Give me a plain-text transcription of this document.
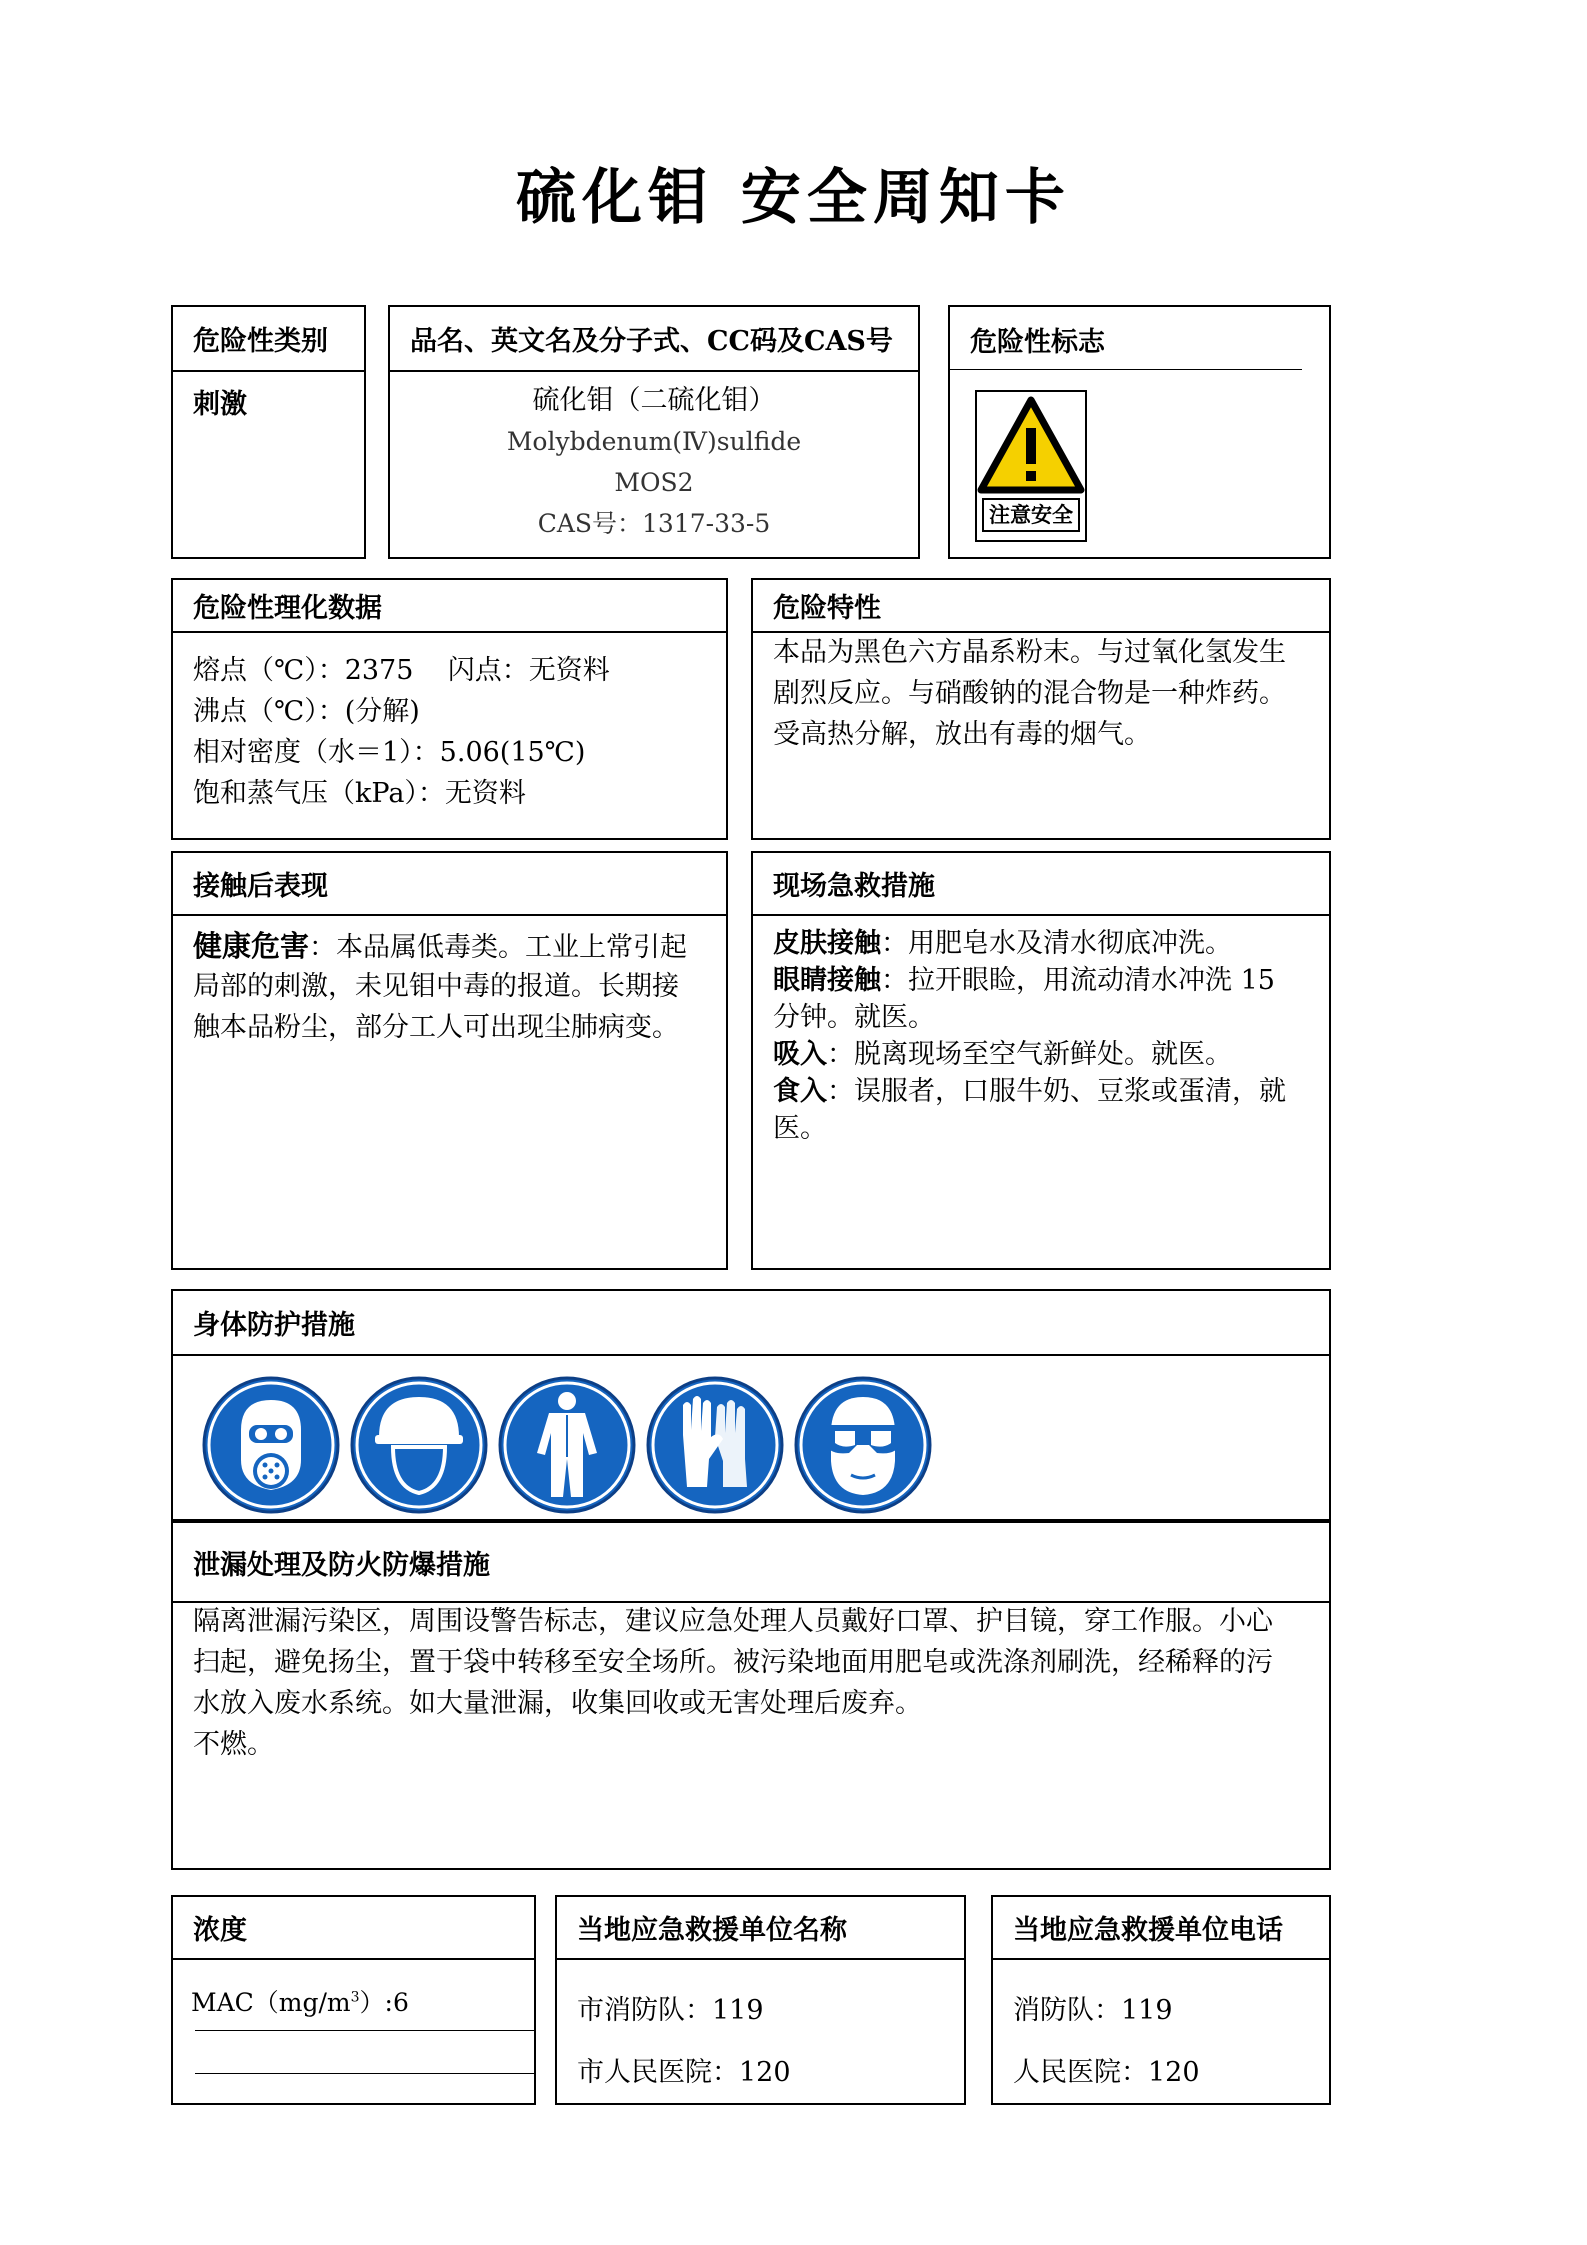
硫化钼 安全周知卡
危险性类别
刺激
品名、英文名及分子式、CC码及CAS号
硫化钼（二硫化钼）
Molybdenum(Ⅳ)sulfide
MOS2
CAS号：1317-33-5
危险性标志
注意安全
危险性理化数据
熔点（℃）：2375    闪点：无资料
沸点（℃）：(分解)
相对密度（水＝1）：5.06(15℃)
饱和蒸气压（kPa）：无资料
危险特性
本品为黑色六方晶系粉末。与过氧化氢发生
剧烈反应。与硝酸钠的混合物是一种炸药。
受高热分解，放出有毒的烟气。
接触后表现
健康危害：本品属低毒类。工业上常引起
局部的刺激，未见钼中毒的报道。长期接
触本品粉尘，部分工人可出现尘肺病变。
现场急救措施
皮肤接触：用肥皂水及清水彻底冲洗。
眼睛接触：拉开眼睑，用流动清水冲洗 15
分钟。就医。
吸入：脱离现场至空气新鲜处。就医。
食入：误服者，口服牛奶、豆浆或蛋清，就
医。
身体防护措施
泄漏处理及防火防爆措施
隔离泄漏污染区，周围设警告标志，建议应急处理人员戴好口罩、护目镜，穿工作服。小心
扫起，避免扬尘，置于袋中转移至安全场所。被污染地面用肥皂或洗涤剂刷洗，经稀释的污
水放入废水系统。如大量泄漏，收集回收或无害处理后废弃。
不燃。
浓度
$MAC(mg/m^3):6$
当地应急救援单位名称
市消防队：119
市人民医院：120
当地应急救援单位电话
消防队：119
人民医院：120
